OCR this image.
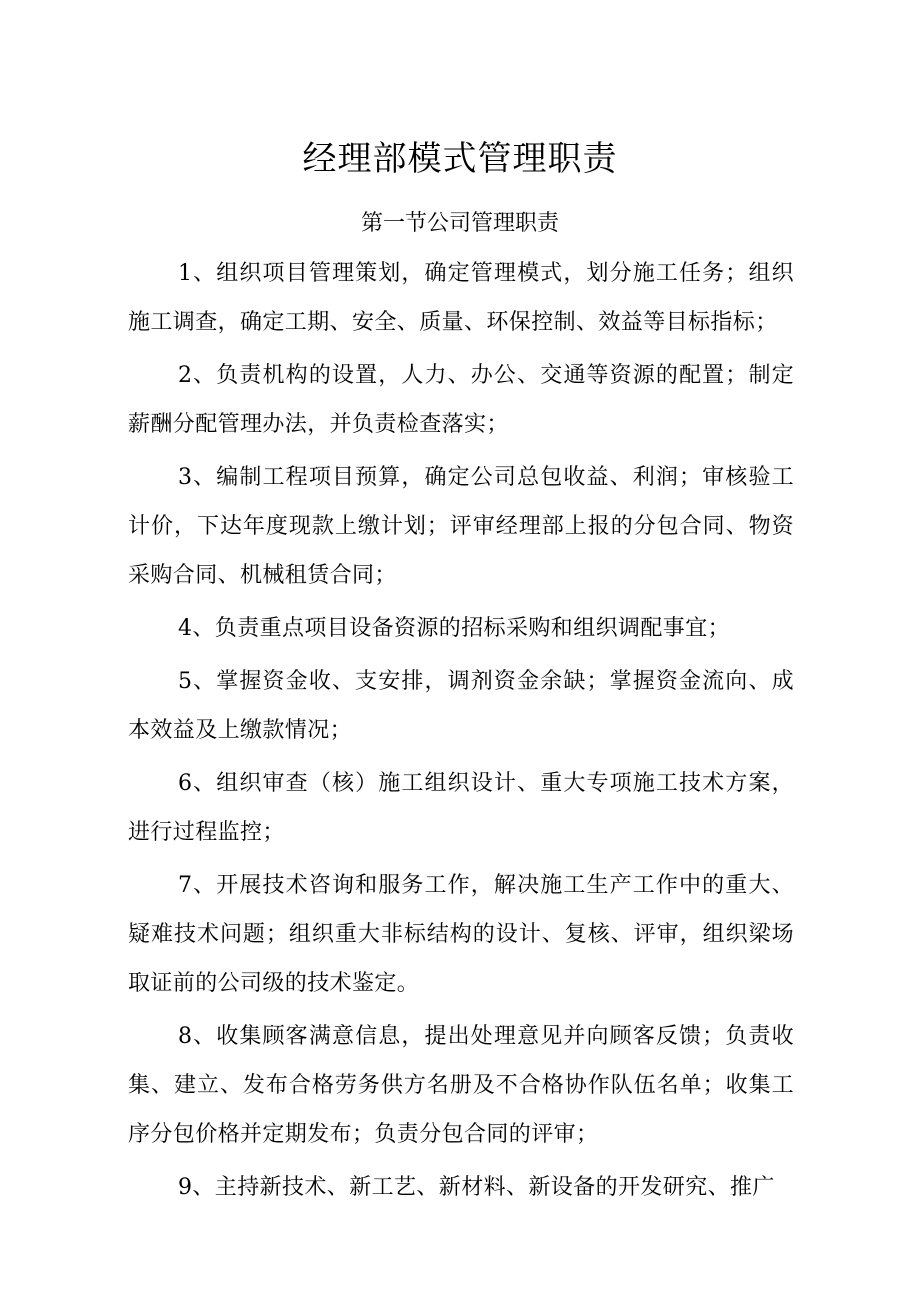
经理部模式管理职责
第一节公司管理职责

1、组织项目管理策划，确定管理模式，划分施工任务；组织施工调查，确定工期、安全、质量、环保控制、效益等目标指标；

2、负责机构的设置，人力、办公、交通等资源的配置；制定薪酬分配管理办法，并负责检查落实；

3、编制工程项目预算，确定公司总包收益、利润；审核验工计价，下达年度现款上缴计划；评审经理部上报的分包合同、物资采购合同、机械租赁合同；

4、负责重点项目设备资源的招标采购和组织调配事宜；

5、掌握资金收、支安排，调剂资金余缺；掌握资金流向、成本效益及上缴款情况；

6、组织审查（核）施工组织设计、重大专项施工技术方案，进行过程监控；

7、开展技术咨询和服务工作，解决施工生产工作中的重大、疑难技术问题；组织重大非标结构的设计、复核、评审，组织梁场取证前的公司级的技术鉴定。

8、收集顾客满意信息，提出处理意见并向顾客反馈；负责收集、建立、发布合格劳务供方名册及不合格协作队伍名单；收集工序分包价格并定期发布；负责分包合同的评审；

9、主持新技术、新工艺、新材料、新设备的开发研究、推广
